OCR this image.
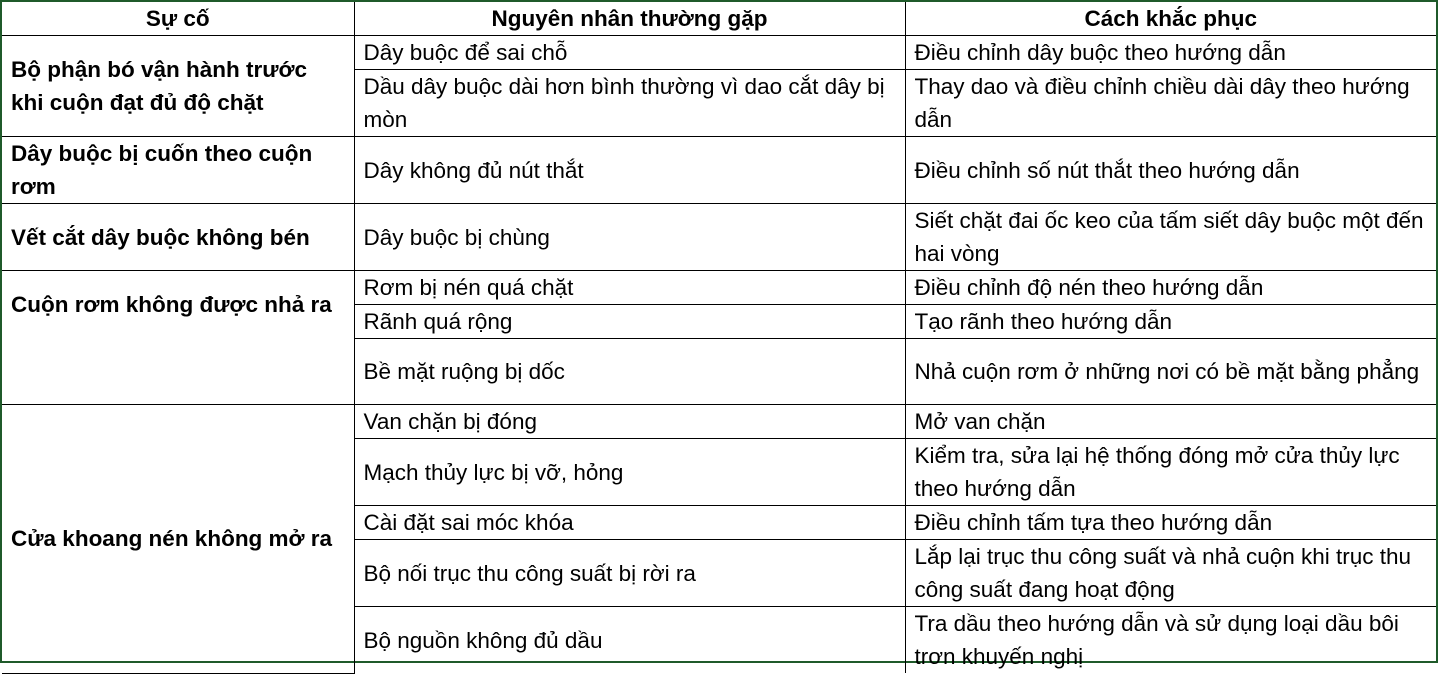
Sự cố	Nguyên nhân thường gặp	Cách khắc phục
Bộ phận bó vận hành trước khi cuộn đạt đủ độ chặt	Dây buộc để sai chỗ	Điều chỉnh dây buộc theo hướng dẫn
	Dầu dây buộc dài hơn bình thường vì dao cắt dây bị mòn	Thay dao và điều chỉnh chiều dài dây theo hướng dẫn
Dây buộc bị cuốn theo cuộn rơm	Dây không đủ nút thắt	Điều chỉnh số nút thắt theo hướng dẫn
Vết cắt dây buộc không bén	Dây buộc bị chùng	Siết chặt đai ốc keo của tấm siết dây buộc một đến hai vòng
Cuộn rơm không được nhả ra	Rơm bị nén quá chặt	Điều chỉnh độ nén theo hướng dẫn
	Rãnh quá rộng	Tạo rãnh theo hướng dẫn
	Bề mặt ruộng bị dốc	Nhả cuộn rơm ở những nơi có bề mặt bằng phẳng
Cửa khoang nén không mở ra	Van chặn bị đóng	Mở van chặn
	Mạch thủy lực bị vỡ, hỏng	Kiểm tra, sửa lại hệ thống đóng mở cửa thủy lực theo hướng dẫn
	Cài đặt sai móc khóa	Điều chỉnh tấm tựa theo hướng dẫn
	Bộ nối trục thu công suất bị rời ra	Lắp lại trục thu công suất và nhả cuộn khi trục thu công suất đang hoạt động
	Bộ nguồn không đủ dầu	Tra dầu theo hướng dẫn và sử dụng loại dầu bôi trơn khuyến nghị
